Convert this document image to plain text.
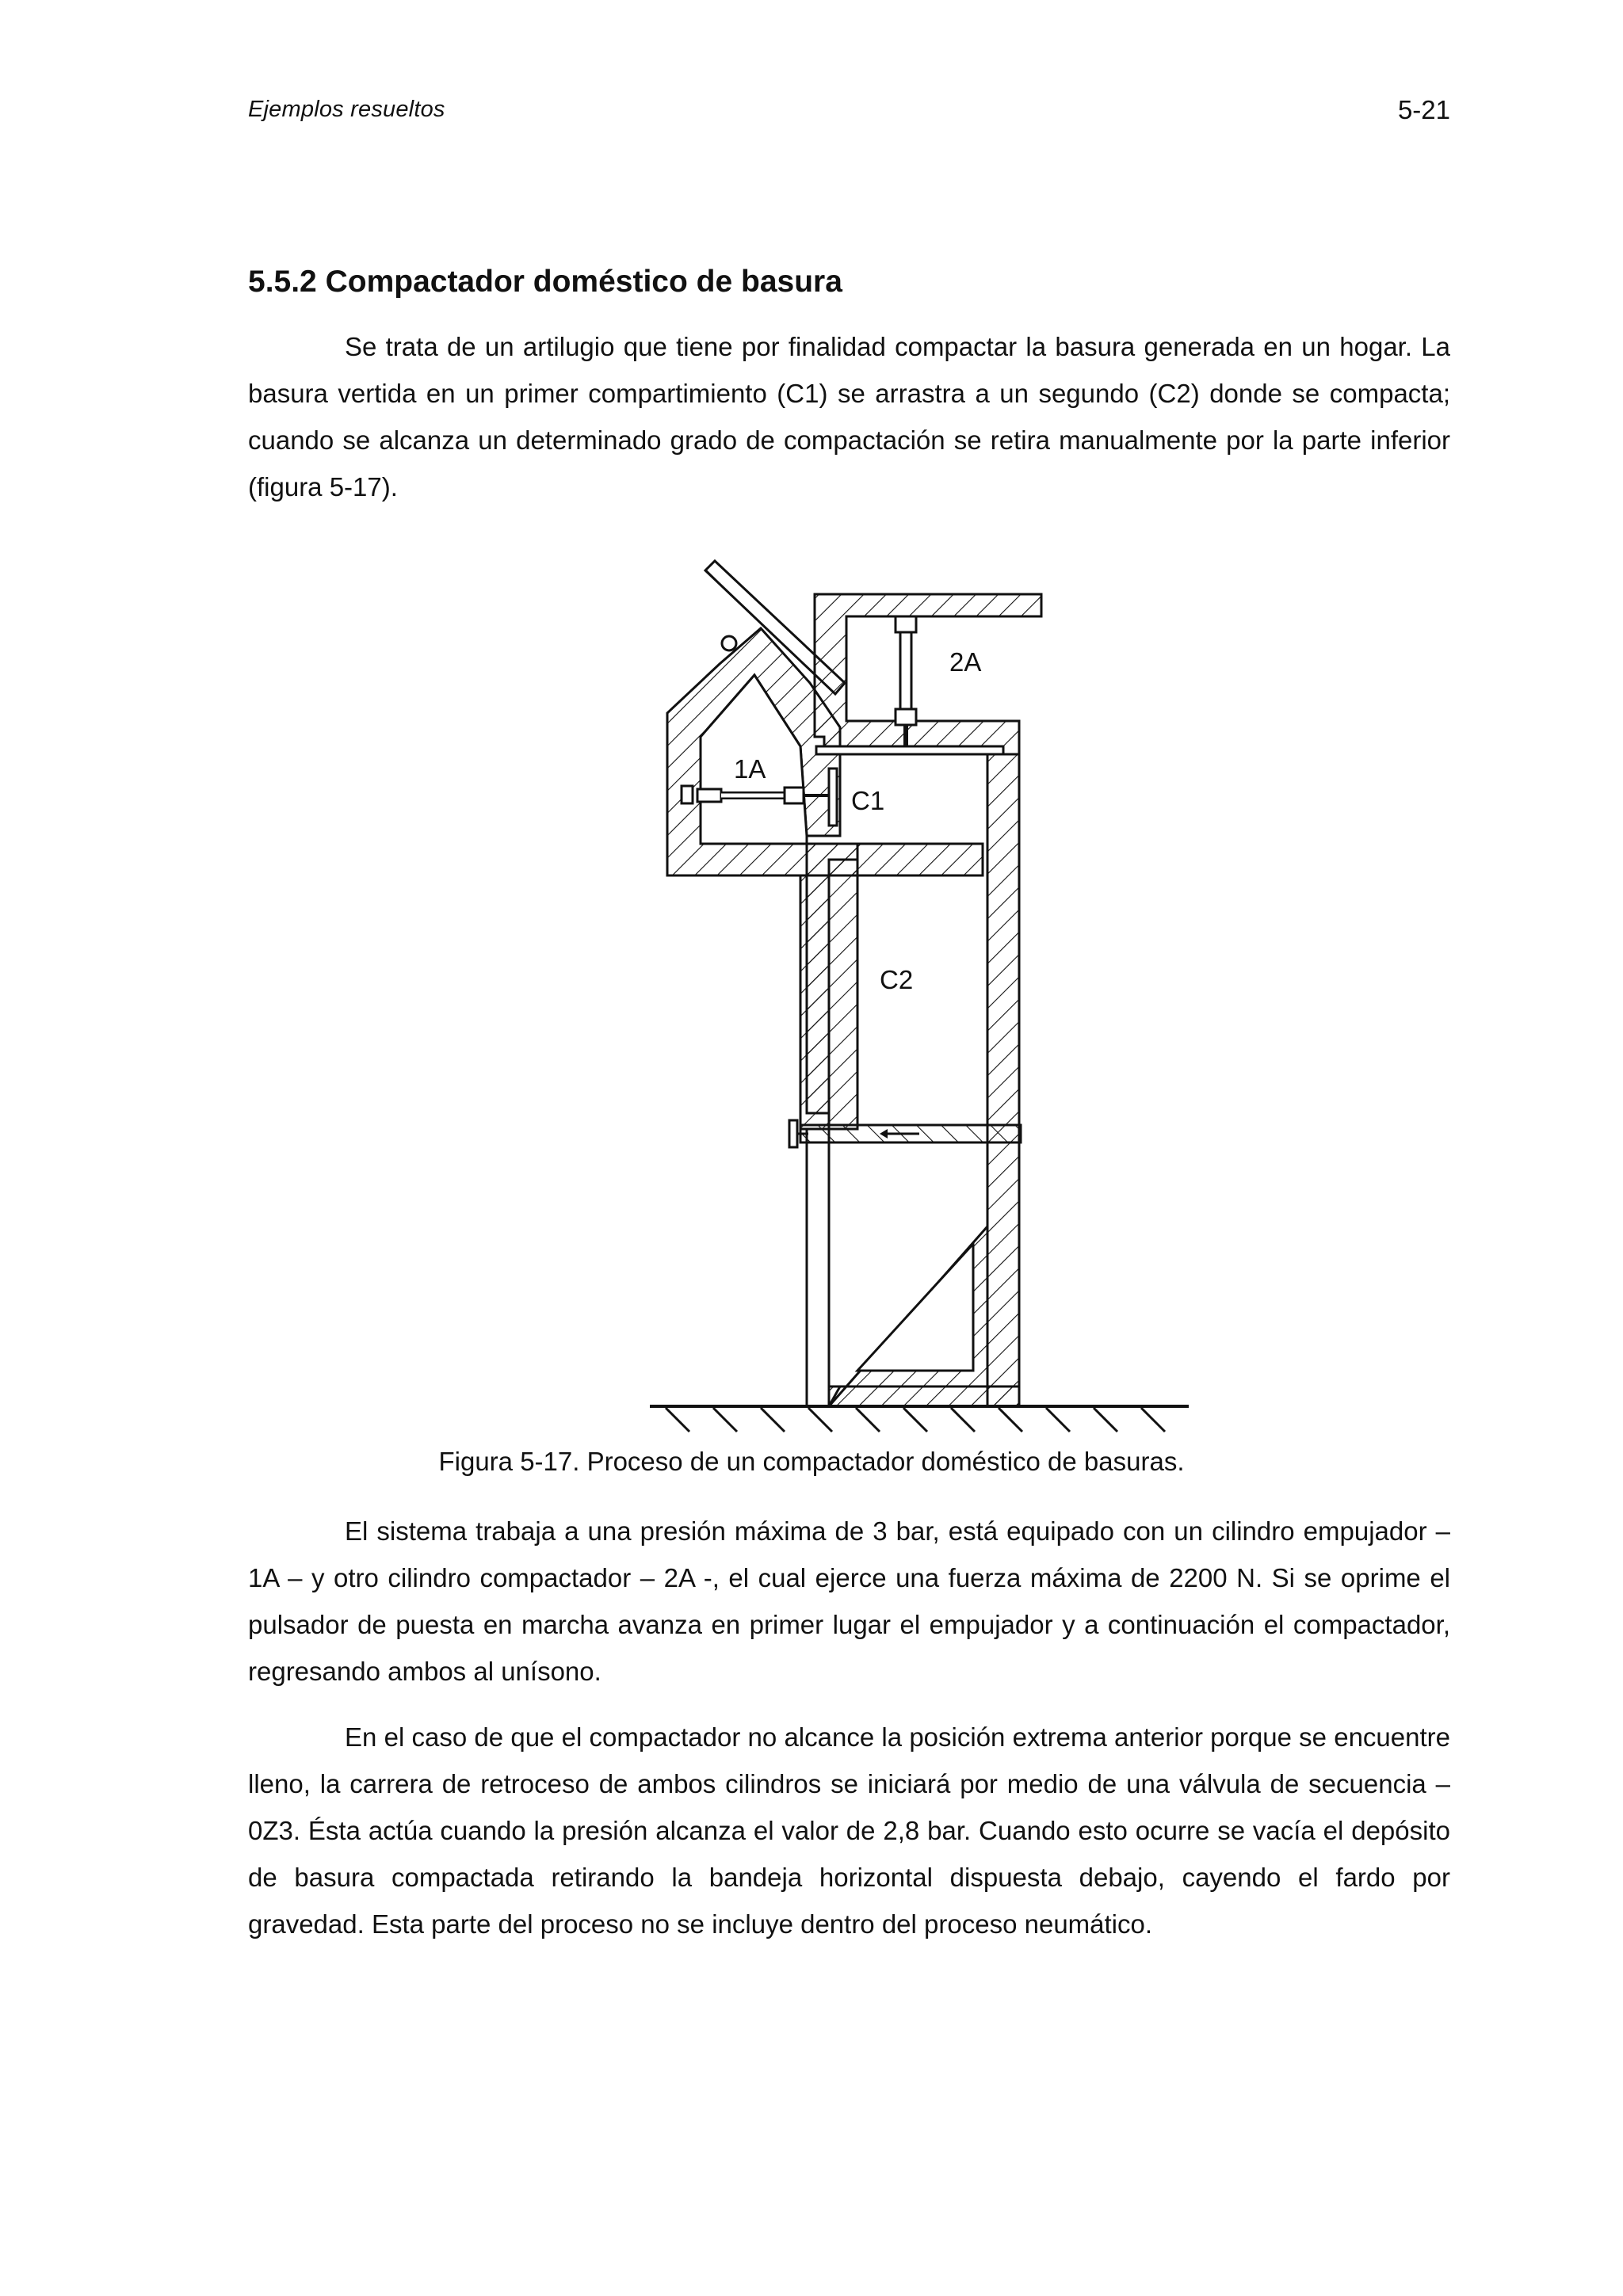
Ejemplos resueltos	5-21
5.5.2 Compactador doméstico de basura

Se trata de un artilugio que tiene por finalidad compactar la basura generada en un hogar. La basura vertida en un primer compartimiento (C1) se arrastra a un segundo (C2) donde se compacta; cuando se alcanza un determinado grado de compactación se retira manualmente por la parte inferior (figura 5-17).

1A
2A
C1
C2
Figura 5-17. Proceso de un compactador doméstico de basuras.

El sistema trabaja a una presión máxima de 3 bar, está equipado con un cilindro empujador – 1A – y otro cilindro compactador – 2A -, el cual ejerce una fuerza máxima de 2200 N. Si se oprime el pulsador de puesta en marcha avanza en primer lugar el empujador y a continuación el compactador, regresando ambos al unísono.

En el caso de que el compactador no alcance la posición extrema anterior porque se encuentre lleno, la carrera de retroceso de ambos cilindros se iniciará por medio de una válvula de secuencia – 0Z3. Ésta actúa cuando la presión alcanza el valor de 2,8 bar. Cuando esto ocurre se vacía el depósito de basura compactada retirando la bandeja horizontal dispuesta debajo, cayendo el fardo por gravedad. Esta parte del proceso no se incluye dentro del proceso neumático.
